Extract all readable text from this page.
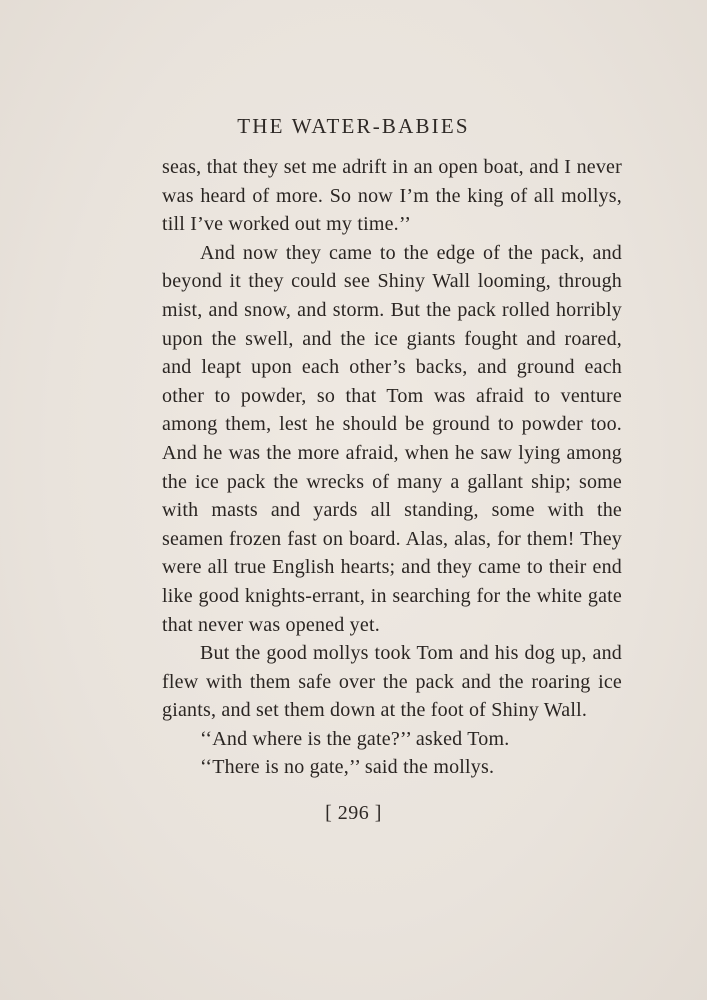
THE WATER-BABIES

seas, that they set me adrift in an open boat, and I never was heard of more. So now I’m the king of all mollys, till I’ve worked out my time.’’

And now they came to the edge of the pack, and beyond it they could see Shiny Wall looming, through mist, and snow, and storm. But the pack rolled horribly upon the swell, and the ice giants fought and roared, and leapt upon each other’s backs, and ground each other to powder, so that Tom was afraid to venture among them, lest he should be ground to powder too. And he was the more afraid, when he saw lying among the ice pack the wrecks of many a gallant ship; some with masts and yards all standing, some with the seamen frozen fast on board. Alas, alas, for them! They were all true English hearts; and they came to their end like good knights-errant, in searching for the white gate that never was opened yet.

But the good mollys took Tom and his dog up, and flew with them safe over the pack and the roaring ice giants, and set them down at the foot of Shiny Wall.

‘‘And where is the gate?’’ asked Tom.

‘‘There is no gate,’’ said the mollys.

[ 296 ]
